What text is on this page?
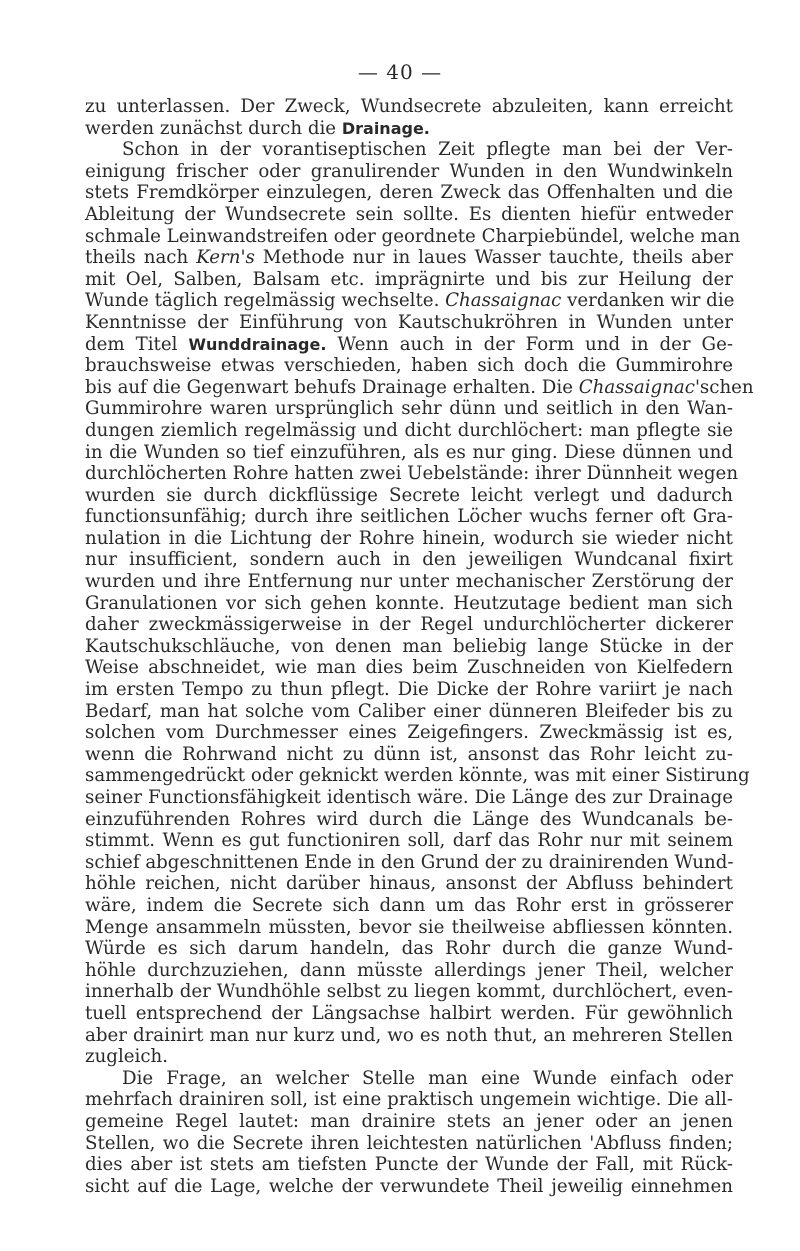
— 40 —
zu unterlassen. Der Zweck, Wundsecrete abzuleiten, kann erreicht
werden zunächst durch die Drainage.
Schon in der vorantiseptischen Zeit pflegte man bei der Ver-
einigung frischer oder granulirender Wunden in den Wundwinkeln
stets Fremdkörper einzulegen, deren Zweck das Offenhalten und die
Ableitung der Wundsecrete sein sollte. Es dienten hiefür entweder
schmale Leinwandstreifen oder geordnete Charpiebündel, welche man
theils nach Kern's Methode nur in laues Wasser tauchte, theils aber
mit Oel, Salben, Balsam etc. imprägnirte und bis zur Heilung der
Wunde täglich regelmässig wechselte. Chassaignac verdanken wir die
Kenntnisse der Einführung von Kautschukröhren in Wunden unter
dem Titel Wunddrainage. Wenn auch in der Form und in der Ge-
brauchsweise etwas verschieden, haben sich doch die Gummirohre
bis auf die Gegenwart behufs Drainage erhalten. Die Chassaignac'schen
Gummirohre waren ursprünglich sehr dünn und seitlich in den Wan-
dungen ziemlich regelmässig und dicht durchlöchert: man pflegte sie
in die Wunden so tief einzuführen, als es nur ging. Diese dünnen und
durchlöcherten Rohre hatten zwei Uebelstände: ihrer Dünnheit wegen
wurden sie durch dickflüssige Secrete leicht verlegt und dadurch
functionsunfähig; durch ihre seitlichen Löcher wuchs ferner oft Gra-
nulation in die Lichtung der Rohre hinein, wodurch sie wieder nicht
nur insufficient, sondern auch in den jeweiligen Wundcanal fixirt
wurden und ihre Entfernung nur unter mechanischer Zerstörung der
Granulationen vor sich gehen konnte. Heutzutage bedient man sich
daher zweckmässigerweise in der Regel undurchlöcherter dickerer
Kautschukschläuche, von denen man beliebig lange Stücke in der
Weise abschneidet, wie man dies beim Zuschneiden von Kielfedern
im ersten Tempo zu thun pflegt. Die Dicke der Rohre variirt je nach
Bedarf, man hat solche vom Caliber einer dünneren Bleifeder bis zu
solchen vom Durchmesser eines Zeigefingers. Zweckmässig ist es,
wenn die Rohrwand nicht zu dünn ist, ansonst das Rohr leicht zu-
sammengedrückt oder geknickt werden könnte, was mit einer Sistirung
seiner Functionsfähigkeit identisch wäre. Die Länge des zur Drainage
einzuführenden Rohres wird durch die Länge des Wundcanals be-
stimmt. Wenn es gut functioniren soll, darf das Rohr nur mit seinem
schief abgeschnittenen Ende in den Grund der zu drainirenden Wund-
höhle reichen, nicht darüber hinaus, ansonst der Abfluss behindert
wäre, indem die Secrete sich dann um das Rohr erst in grösserer
Menge ansammeln müssten, bevor sie theilweise abfliessen könnten.
Würde es sich darum handeln, das Rohr durch die ganze Wund-
höhle durchzuziehen, dann müsste allerdings jener Theil, welcher
innerhalb der Wundhöhle selbst zu liegen kommt, durchlöchert, even-
tuell entsprechend der Längsachse halbirt werden. Für gewöhnlich
aber drainirt man nur kurz und, wo es noth thut, an mehreren Stellen
zugleich.
Die Frage, an welcher Stelle man eine Wunde einfach oder
mehrfach drainiren soll, ist eine praktisch ungemein wichtige. Die all-
gemeine Regel lautet: man drainire stets an jener oder an jenen
Stellen, wo die Secrete ihren leichtesten natürlichen 'Abfluss finden;
dies aber ist stets am tiefsten Puncte der Wunde der Fall, mit Rück-
sicht auf die Lage, welche der verwundete Theil jeweilig einnehmen
